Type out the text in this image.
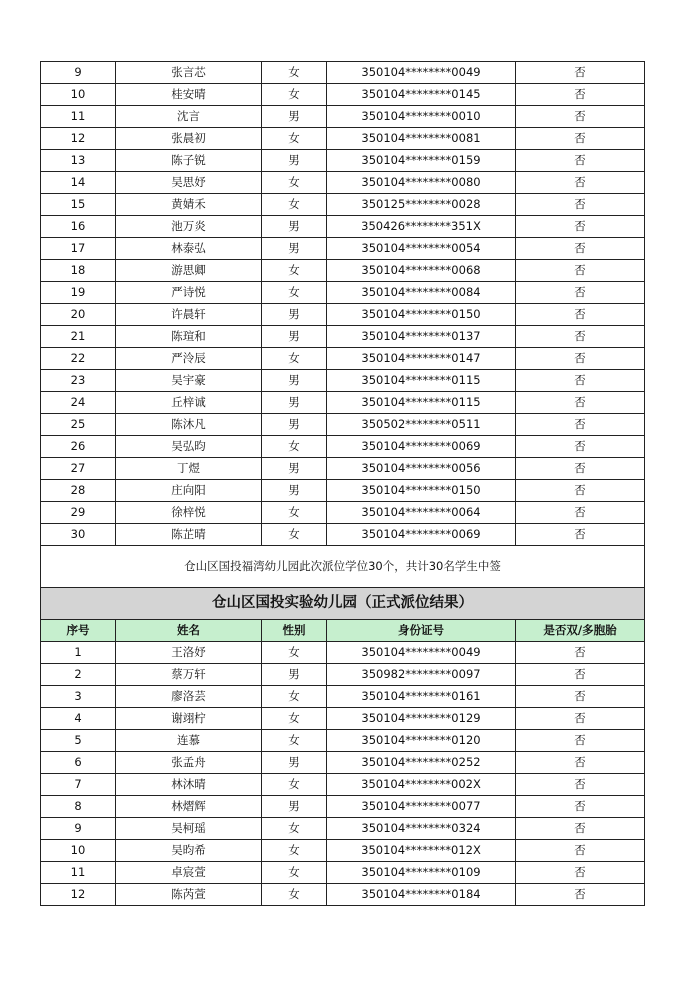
9	张言芯	女	350104********0049	否
10	桂安晴	女	350104********0145	否
11	沈言	男	350104********0010	否
12	张晨初	女	350104********0081	否
13	陈子锐	男	350104********0159	否
14	吴思妤	女	350104********0080	否
15	黄婧禾	女	350125********0028	否
16	池万炎	男	350426********351X	否
17	林泰弘	男	350104********0054	否
18	游思卿	女	350104********0068	否
19	严诗悦	女	350104********0084	否
20	许晨轩	男	350104********0150	否
21	陈瑄和	男	350104********0137	否
22	严泠辰	女	350104********0147	否
23	吴宇豪	男	350104********0115	否
24	丘梓诚	男	350104********0115	否
25	陈沐凡	男	350502********0511	否
26	吴弘昀	女	350104********0069	否
27	丁煜	男	350104********0056	否
28	庄向阳	男	350104********0150	否
29	徐梓悦	女	350104********0064	否
30	陈芷晴	女	350104********0069	否
仓山区国投福湾幼儿园此次派位学位30个，共计30名学生中签				
仓山区国投实验幼儿园（正式派位结果）				
序号	姓名	性别	身份证号	是否双/多胞胎
1	王洛妤	女	350104********0049	否
2	蔡万轩	男	350982********0097	否
3	廖洛芸	女	350104********0161	否
4	谢翊柠	女	350104********0129	否
5	连慕	女	350104********0120	否
6	张孟舟	男	350104********0252	否
7	林沐晴	女	350104********002X	否
8	林熠辉	男	350104********0077	否
9	吴柯瑶	女	350104********0324	否
10	吴昀希	女	350104********012X	否
11	卓宸萱	女	350104********0109	否
12	陈芮萱	女	350104********0184	否
